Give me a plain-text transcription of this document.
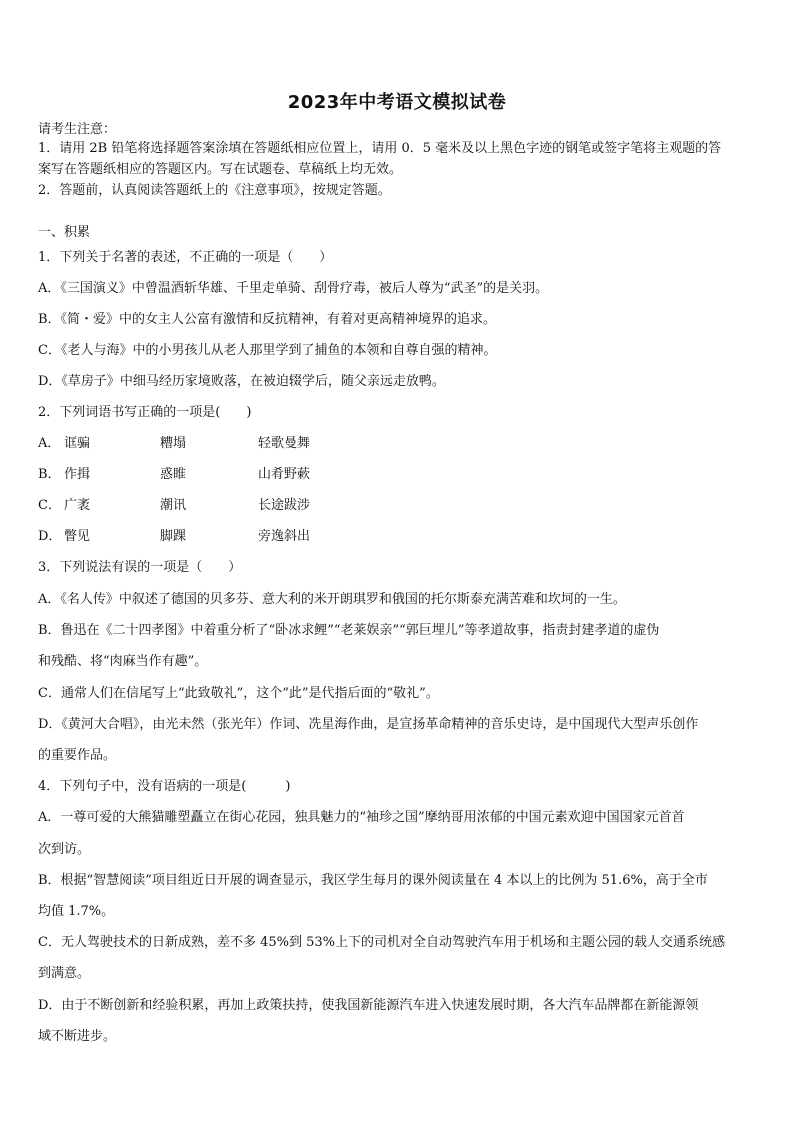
2023年中考语文模拟试卷
请考生注意：
1．请用 2B 铅笔将选择题答案涂填在答题纸相应位置上，请用 0．5 毫米及以上黑色字迹的钢笔或签字笔将主观题的答
案写在答题纸相应的答题区内。写在试题卷、草稿纸上均无效。
2．答题前，认真阅读答题纸上的《注意事项》，按规定答题。
一、积累
1．下列关于名著的表述，不正确的一项是（　　）
A．《三国演义》中曾温酒斩华雄、千里走单骑、刮骨疗毒，被后人尊为“武圣”的是关羽。
B．《简・爱》中的女主人公富有激情和反抗精神，有着对更高精神境界的追求。
C．《老人与海》中的小男孩儿从老人那里学到了捕鱼的本领和自尊自强的精神。
D．《草房子》中细马经历家境败落，在被迫辍学后，随父亲远走放鸭。
2．下列词语书写正确的一项是(　　)
A． 诓骗	糟塌	轻歌曼舞
B． 作揖	惑睢	山肴野蔌
C． 广袤	潮讯	长途跋涉
D． 瞥见	脚踝	旁逸斜出
3．下列说法有误的一项是（　　）
A．《名人传》中叙述了德国的贝多芬、意大利的米开朗琪罗和俄国的托尔斯泰充满苦难和坎坷的一生。
B．鲁迅在《二十四孝图》中着重分析了“卧冰求鲤”“老莱娱亲”“郭巨埋儿”等孝道故事，指责封建孝道的虚伪
和残酷、将“肉麻当作有趣”。
C．通常人们在信尾写上“此致敬礼”，这个“此”是代指后面的“敬礼”。
D．《黄河大合唱》，由光未然（张光年）作词、冼星海作曲，是宣扬革命精神的音乐史诗，是中国现代大型声乐创作
的重要作品。
4．下列句子中，没有语病的一项是(　　　)
A．一尊可爱的大熊猫雕塑矗立在街心花园，独具魅力的“袖珍之国”摩纳哥用浓郁的中国元素欢迎中国国家元首首
次到访。
B．根据“智慧阅读”项目组近日开展的调查显示，我区学生每月的课外阅读量在 4 本以上的比例为 51.6%，高于全市
均值 1.7%。
C．无人驾驶技术的日新成熟，差不多 45%到 53%上下的司机对全自动驾驶汽车用于机场和主题公园的载人交通系统感
到满意。
D．由于不断创新和经验积累，再加上政策扶持，使我国新能源汽车进入快速发展时期，各大汽车品牌都在新能源领
域不断进步。
